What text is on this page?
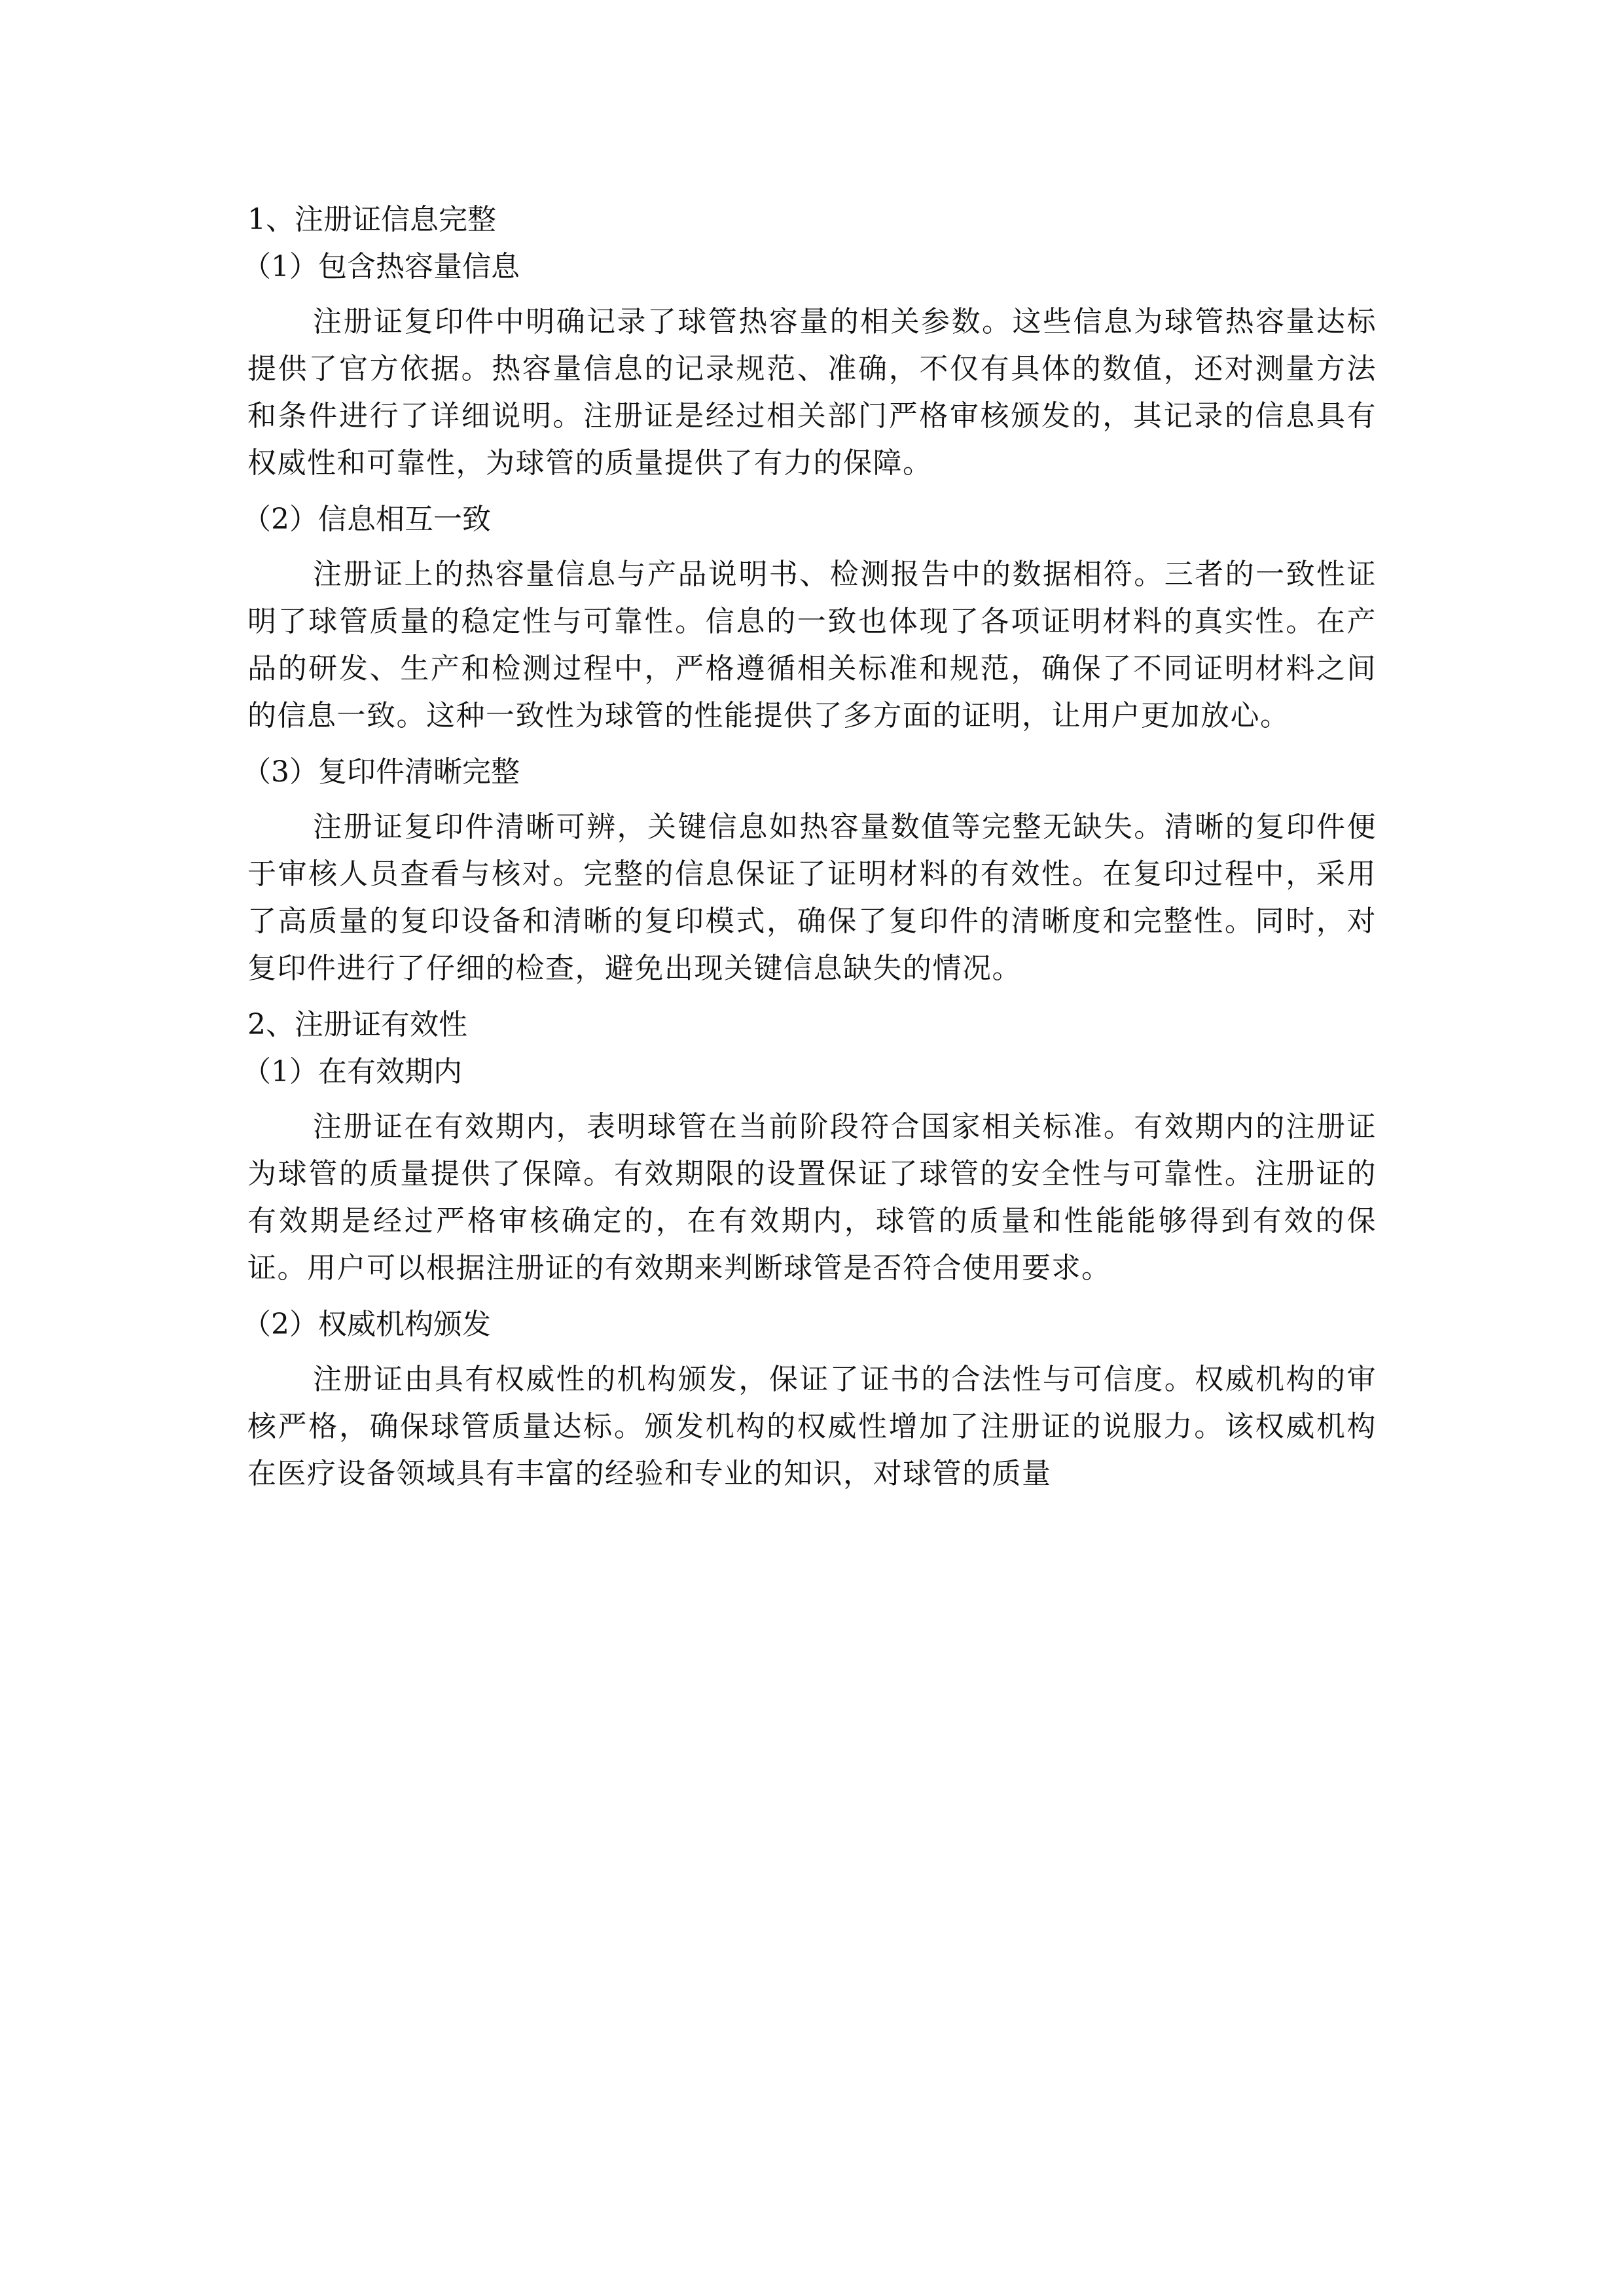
1、注册证信息完整

（1）包含热容量信息

注册证复印件中明确记录了球管热容量的相关参数。这些信息为球管热容量达标提供了官方依据。热容量信息的记录规范、准确，不仅有具体的数值，还对测量方法和条件进行了详细说明。注册证是经过相关部门严格审核颁发的，其记录的信息具有权威性和可靠性，为球管的质量提供了有力的保障。

（2）信息相互一致

注册证上的热容量信息与产品说明书、检测报告中的数据相符。三者的一致性证明了球管质量的稳定性与可靠性。信息的一致也体现了各项证明材料的真实性。在产品的研发、生产和检测过程中，严格遵循相关标准和规范，确保了不同证明材料之间的信息一致。这种一致性为球管的性能提供了多方面的证明，让用户更加放心。

（3）复印件清晰完整

注册证复印件清晰可辨，关键信息如热容量数值等完整无缺失。清晰的复印件便于审核人员查看与核对。完整的信息保证了证明材料的有效性。在复印过程中，采用了高质量的复印设备和清晰的复印模式，确保了复印件的清晰度和完整性。同时，对复印件进行了仔细的检查，避免出现关键信息缺失的情况。

2、注册证有效性

（1）在有效期内

注册证在有效期内，表明球管在当前阶段符合国家相关标准。有效期内的注册证为球管的质量提供了保障。有效期限的设置保证了球管的安全性与可靠性。注册证的有效期是经过严格审核确定的，在有效期内，球管的质量和性能能够得到有效的保证。用户可以根据注册证的有效期来判断球管是否符合使用要求。

（2）权威机构颁发

注册证由具有权威性的机构颁发，保证了证书的合法性与可信度。权威机构的审核严格，确保球管质量达标。颁发机构的权威性增加了注册证的说服力。该权威机构在医疗设备领域具有丰富的经验和专业的知识，对球管的质量
